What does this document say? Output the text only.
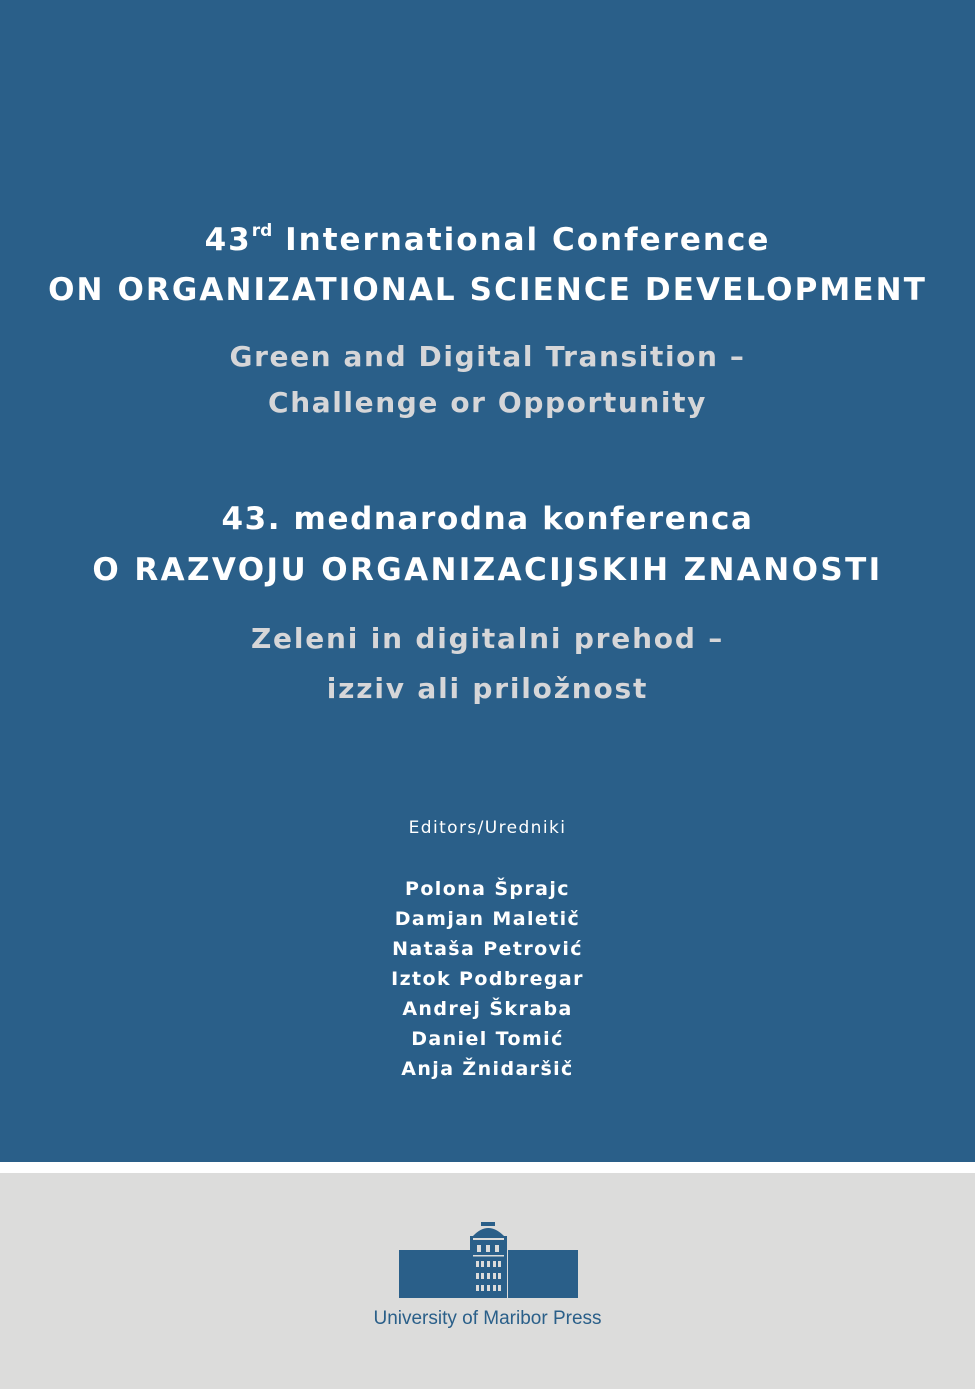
43rd International Conference
ON ORGANIZATIONAL SCIENCE DEVELOPMENT
Green and Digital Transition –
Challenge or Opportunity
43. mednarodna konferenca
O RAZVOJU ORGANIZACIJSKIH ZNANOSTI
Zeleni in digitalni prehod –
izziv ali priložnost
Editors/Uredniki
Polona Šprajc
Damjan Maletič
Nataša Petrović
Iztok Podbregar
Andrej Škraba
Daniel Tomić
Anja Žnidaršič
University of Maribor Press
